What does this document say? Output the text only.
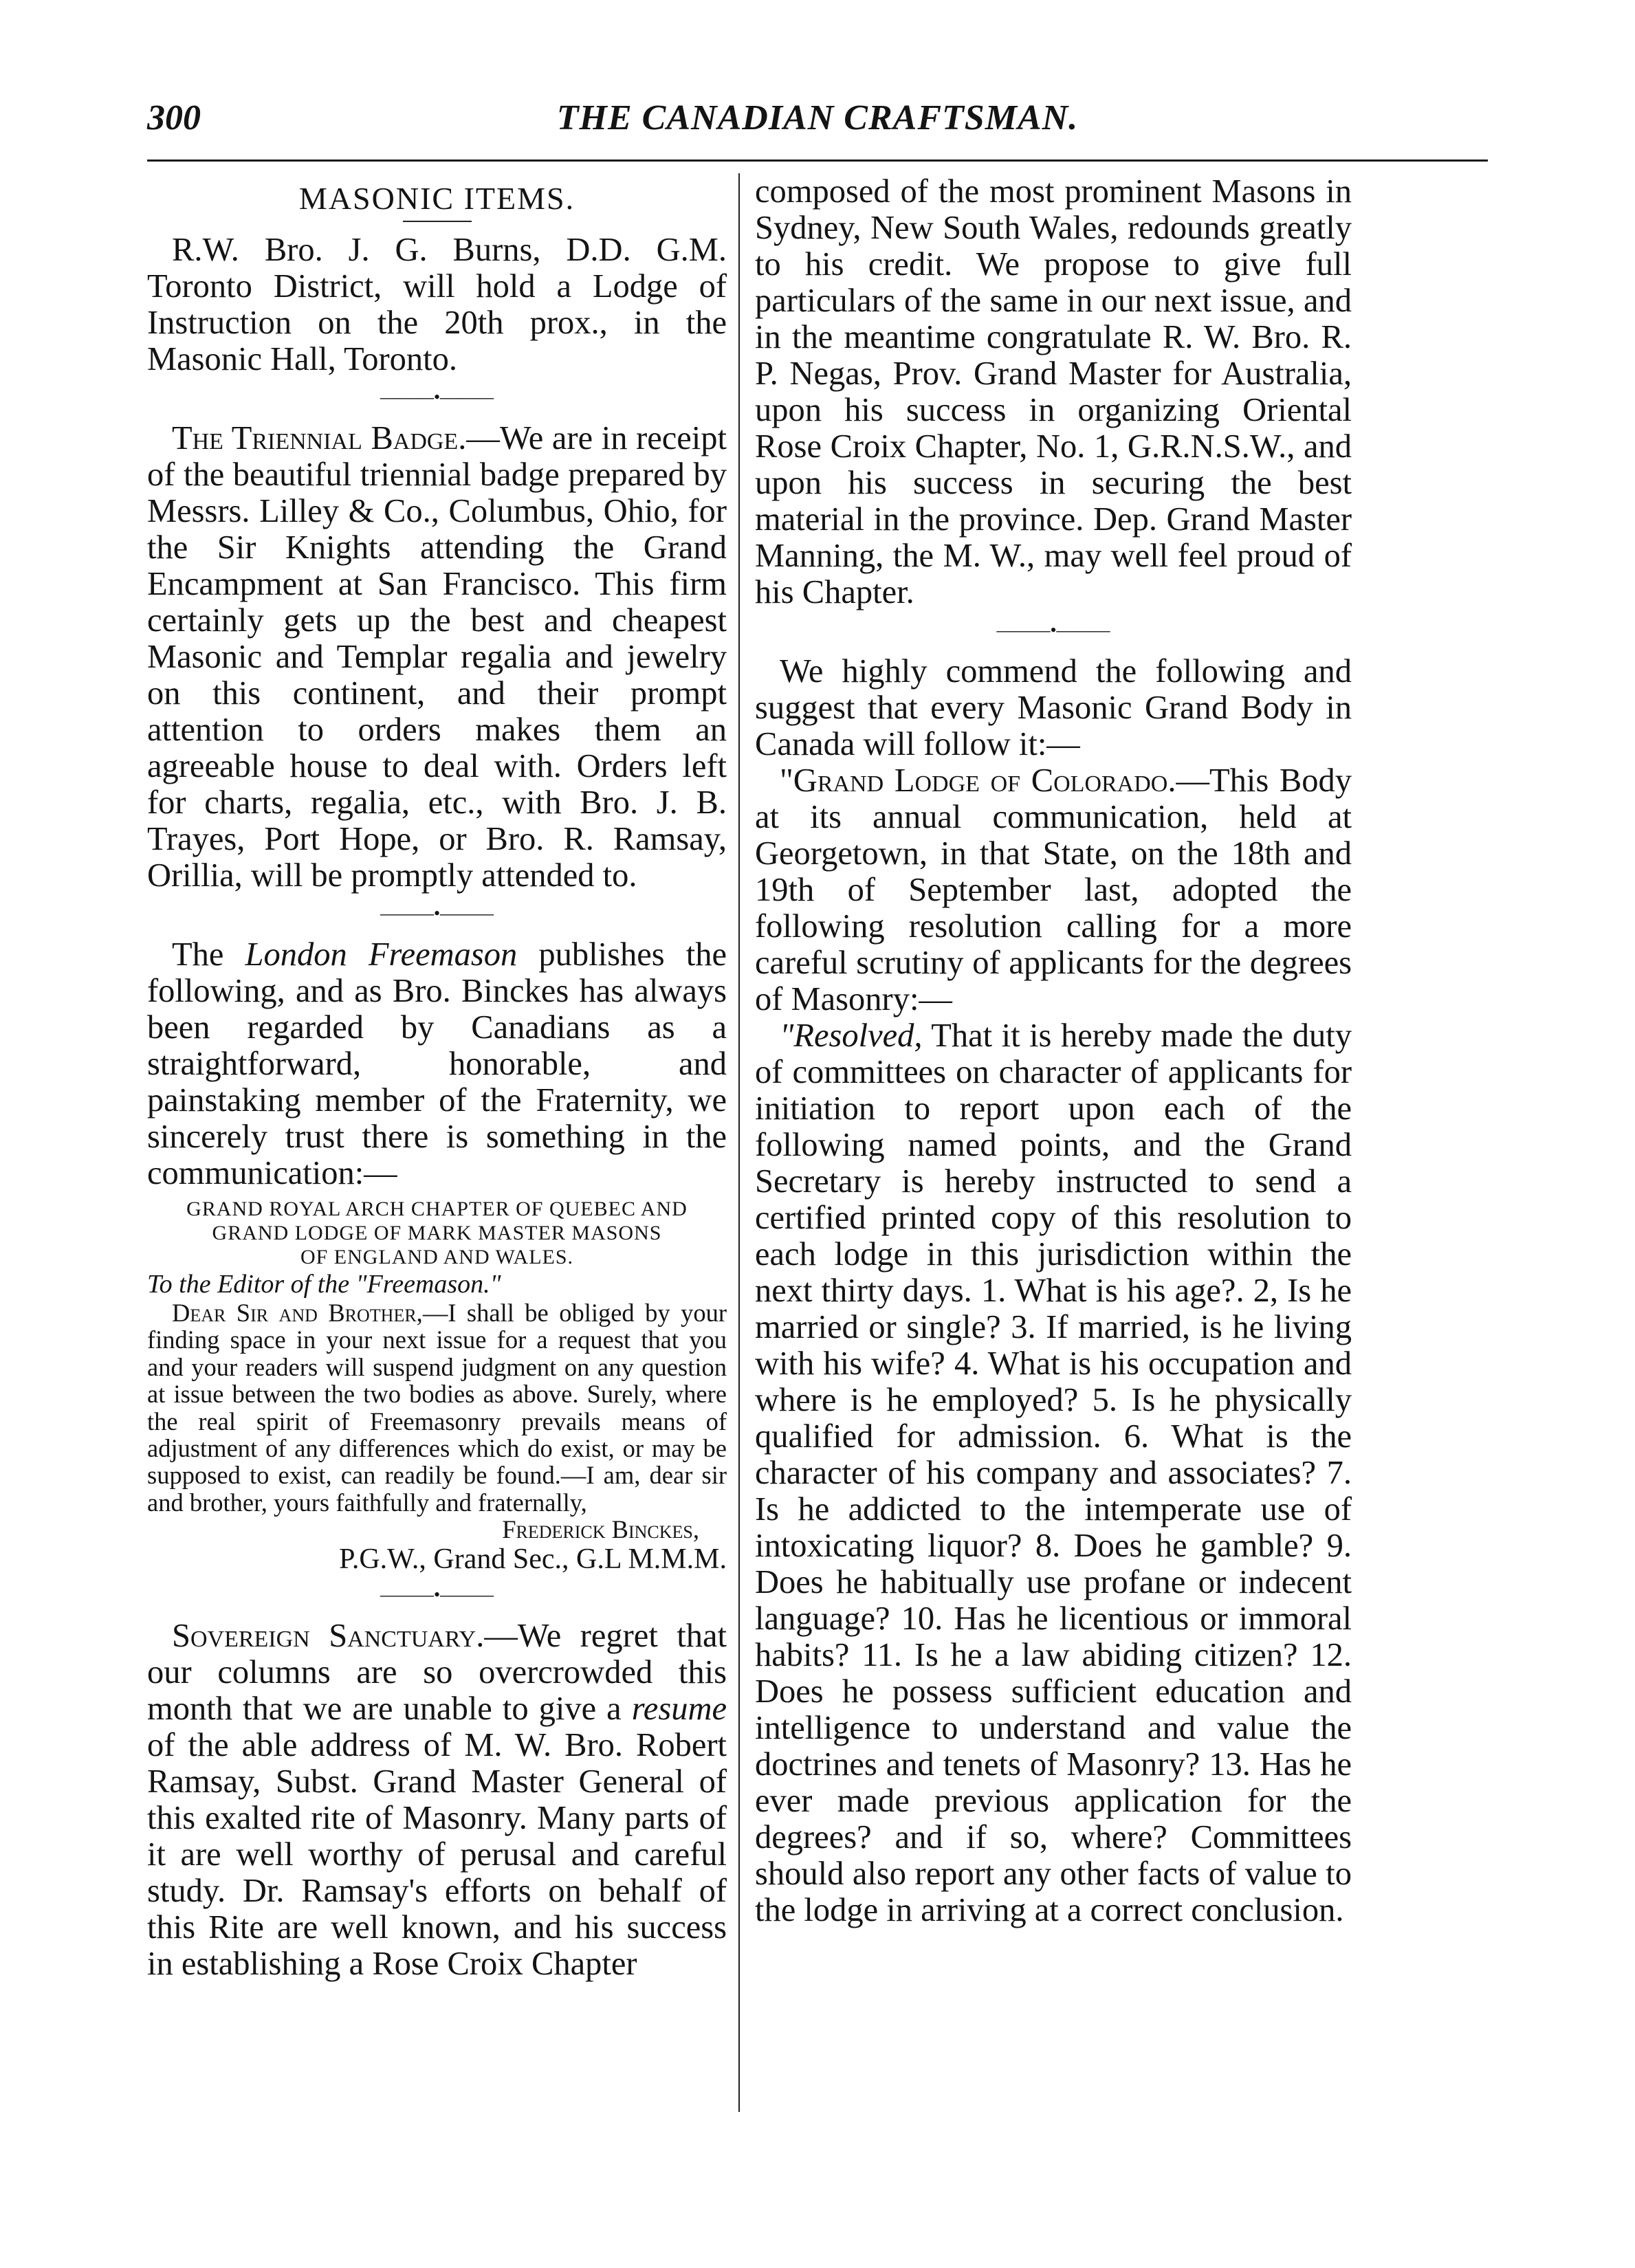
THE CANADIAN CRAFTSMAN.
300
MASONIC ITEMS.

R.W. Bro. J. G. Burns, D.D. G.M. Toronto District, will hold a Lodge of Instruction on the 20th prox., in the Masonic Hall, Toronto.

———•———

The Triennial Badge.—We are in receipt of the beautiful triennial badge prepared by Messrs. Lilley & Co., Columbus, Ohio, for the Sir Knights attending the Grand Encampment at San Francisco. This firm certainly gets up the best and cheapest Masonic and Templar regalia and jewelry on this continent, and their prompt attention to orders makes them an agreeable house to deal with. Orders left for charts, regalia, etc., with Bro. J. B. Trayes, Port Hope, or Bro. R. Ramsay, Orillia, will be promptly attended to.

———•———

The London Freemason publishes the following, and as Bro. Binckes has always been regarded by Canadians as a straightforward, honorable, and painstaking member of the Fraternity, we sincerely trust there is something in the communication:—

GRAND ROYAL ARCH CHAPTER OF QUEBEC AND
GRAND LODGE OF MARK MASTER MASONS
OF ENGLAND AND WALES.
To the Editor of the "Freemason."

Dear Sir and Brother,—I shall be obliged by your finding space in your next issue for a request that you and your readers will suspend judgment on any question at issue between the two bodies as above. Surely, where the real spirit of Freemasonry prevails means of adjustment of any differences which do exist, or may be supposed to exist, can readily be found.—I am, dear sir and brother, yours faithfully and fraternally,

Frederick Binckes,
P.G.W., Grand Sec., G.L M.M.M.
———•———

Sovereign Sanctuary.—We regret that our columns are so overcrowded this month that we are unable to give a resume of the able address of M. W. Bro. Robert Ramsay, Subst. Grand Master General of this exalted rite of Masonry. Many parts of it are well worthy of perusal and careful study. Dr. Ramsay's efforts on behalf of this Rite are well known, and his success in establishing a Rose Croix Chapter

composed of the most prominent Masons in Sydney, New South Wales, redounds greatly to his credit. We propose to give full particulars of the same in our next issue, and in the meantime congratulate R. W. Bro. R. P. Negas, Prov. Grand Master for Australia, upon his success in organizing Oriental Rose Croix Chapter, No. 1, G.R.N.S.W., and upon his success in securing the best material in the province. Dep. Grand Master Manning, the M. W., may well feel proud of his Chapter.

———•———

We highly commend the following and suggest that every Masonic Grand Body in Canada will follow it:—

"Grand Lodge of Colorado.—This Body at its annual communication, held at Georgetown, in that State, on the 18th and 19th of September last, adopted the following resolution calling for a more careful scrutiny of applicants for the degrees of Masonry:—

"Resolved, That it is hereby made the duty of committees on character of applicants for initiation to report upon each of the following named points, and the Grand Secretary is hereby instructed to send a certified printed copy of this resolution to each lodge in this jurisdiction within the next thirty days. 1. What is his age?. 2, Is he married or single? 3. If married, is he living with his wife? 4. What is his occupation and where is he employed? 5. Is he physically qualified for admission. 6. What is the character of his company and associates? 7. Is he addicted to the intemperate use of intoxicating liquor? 8. Does he gamble? 9. Does he habitually use profane or indecent language? 10. Has he licentious or immoral habits? 11. Is he a law abiding citizen? 12. Does he possess sufficient education and intelligence to understand and value the doctrines and tenets of Masonry? 13. Has he ever made previous application for the degrees? and if so, where? Committees should also report any other facts of value to the lodge in arriving at a correct conclusion.
